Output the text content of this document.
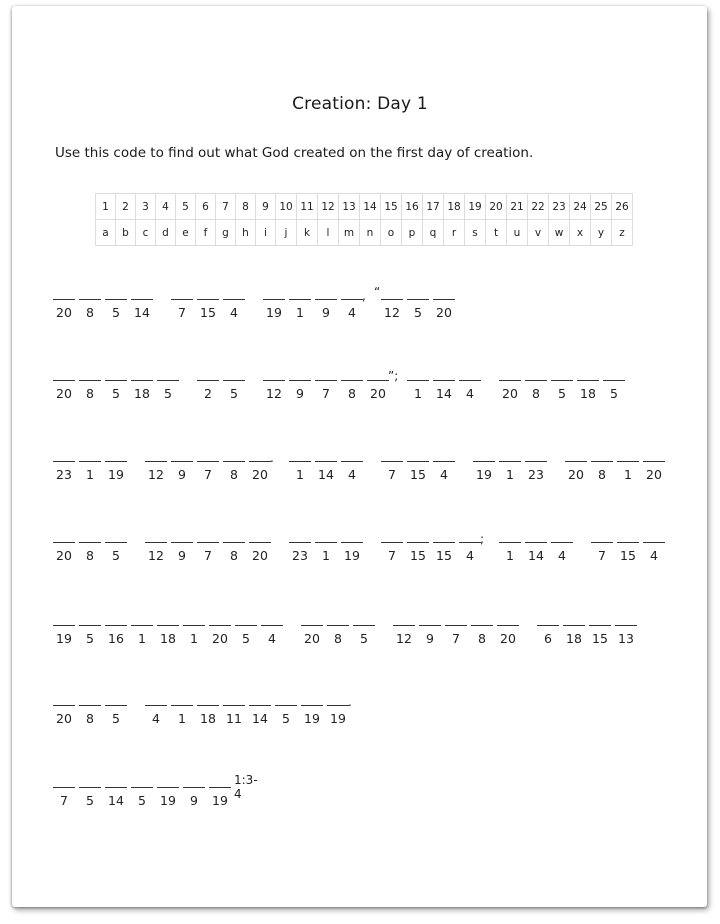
Creation: Day 1
Use this code to find out what God created on the first day of creation.
1	2	3	4	5	6	7	8	9	10	11	12	13	14	15	16	17	18	19	20	21	22	23	24	25	26
a	b	c	d	e	f	g	h	i	j	k	l	m	n	o	p	q	r	s	t	u	v	w	x	y	z
20	8	5	14	7	15	4	19	1	9	4
, “
12	5	20
20	8	5	18	5	2	5	12	9	7	8	20
”;
1	14	4	20	8	5	18	5
23	1	19 12	9	7	8	20
.
1	14	4	7	15	4	19	1	23 20	8	1	20
20	8	5	12	9	7	8	20 23	1	19	7	15 15	4
;
1	14	4	7	15	4
19	5	16	1	18	1	20	5	4	20	8	5	12	9	7	8	20	6	18 15 13
20	8	5	4	1	18 11 14	5	19 19
.
7	5	14	5	19	9	19
1:3-4
